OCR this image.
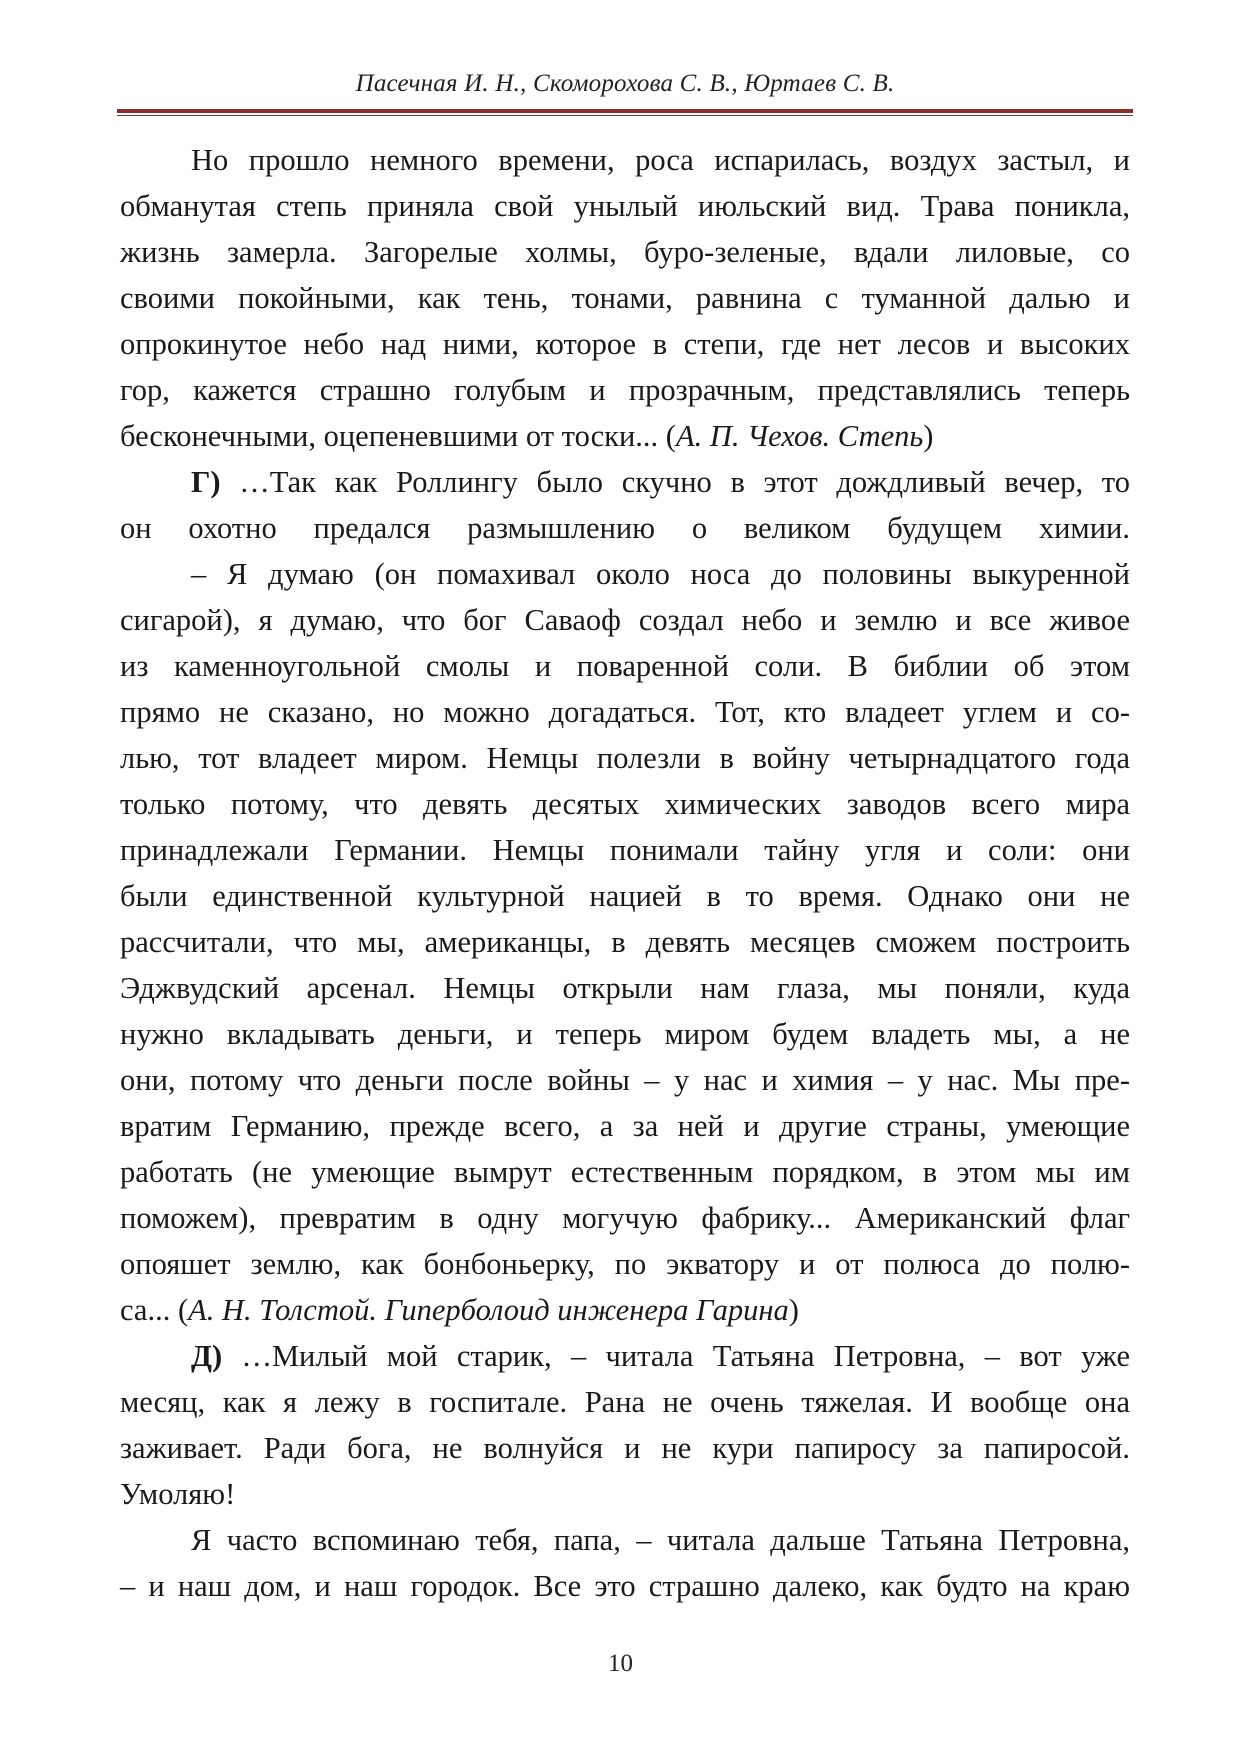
Пасечная И. Н., Скоморохова С. В., Юртаев С. В.

Но прошло немного времени, роса испарилась, воздух застыл, и
обманутая степь приняла свой унылый июльский вид. Трава поникла,
жизнь замерла. Загорелые холмы, буро-зеленые, вдали лиловые, со
своими покойными, как тень, тонами, равнина с туманной далью и
опрокинутое небо над ними, которое в степи, где нет лесов и высоких
гор, кажется страшно голубым и прозрачным, представлялись теперь
бесконечными, оцепеневшими от тоски... (А. П. Чехов. Степь)

Г) …Так как Роллингу было скучно в этот дождливый вечер, то
он охотно предался размышлению о великом будущем химии.

– Я думаю (он помахивал около носа до половины выкуренной
сигарой), я думаю, что бог Саваоф создал небо и землю и все живое
из каменноугольной смолы и поваренной соли. В библии об этом
прямо не сказано, но можно догадаться. Тот, кто владеет углем и со-
лью, тот владеет миром. Немцы полезли в войну четырнадцатого года
только потому, что девять десятых химических заводов всего мира
принадлежали Германии. Немцы понимали тайну угля и соли: они
были единственной культурной нацией в то время. Однако они не
рассчитали, что мы, американцы, в девять месяцев сможем построить
Эджвудский арсенал. Немцы открыли нам глаза, мы поняли, куда
нужно вкладывать деньги, и теперь миром будем владеть мы, а не
они, потому что деньги после войны – у нас и химия – у нас. Мы пре-
вратим Германию, прежде всего, а за ней и другие страны, умеющие
работать (не умеющие вымрут естественным порядком, в этом мы им
поможем), превратим в одну могучую фабрику... Американский флаг
опояшет землю, как бонбоньерку, по экватору и от полюса до полю-
са... (А. Н. Толстой. Гиперболоид инженера Гарина)

Д) …Милый мой старик, – читала Татьяна Петровна, – вот уже
месяц, как я лежу в госпитале. Рана не очень тяжелая. И вообще она
заживает. Ради бога, не волнуйся и не кури папиросу за папиросой.
Умоляю!

Я часто вспоминаю тебя, папа, – читала дальше Татьяна Петровна,
– и наш дом, и наш городок. Все это страшно далеко, как будто на краю

10
